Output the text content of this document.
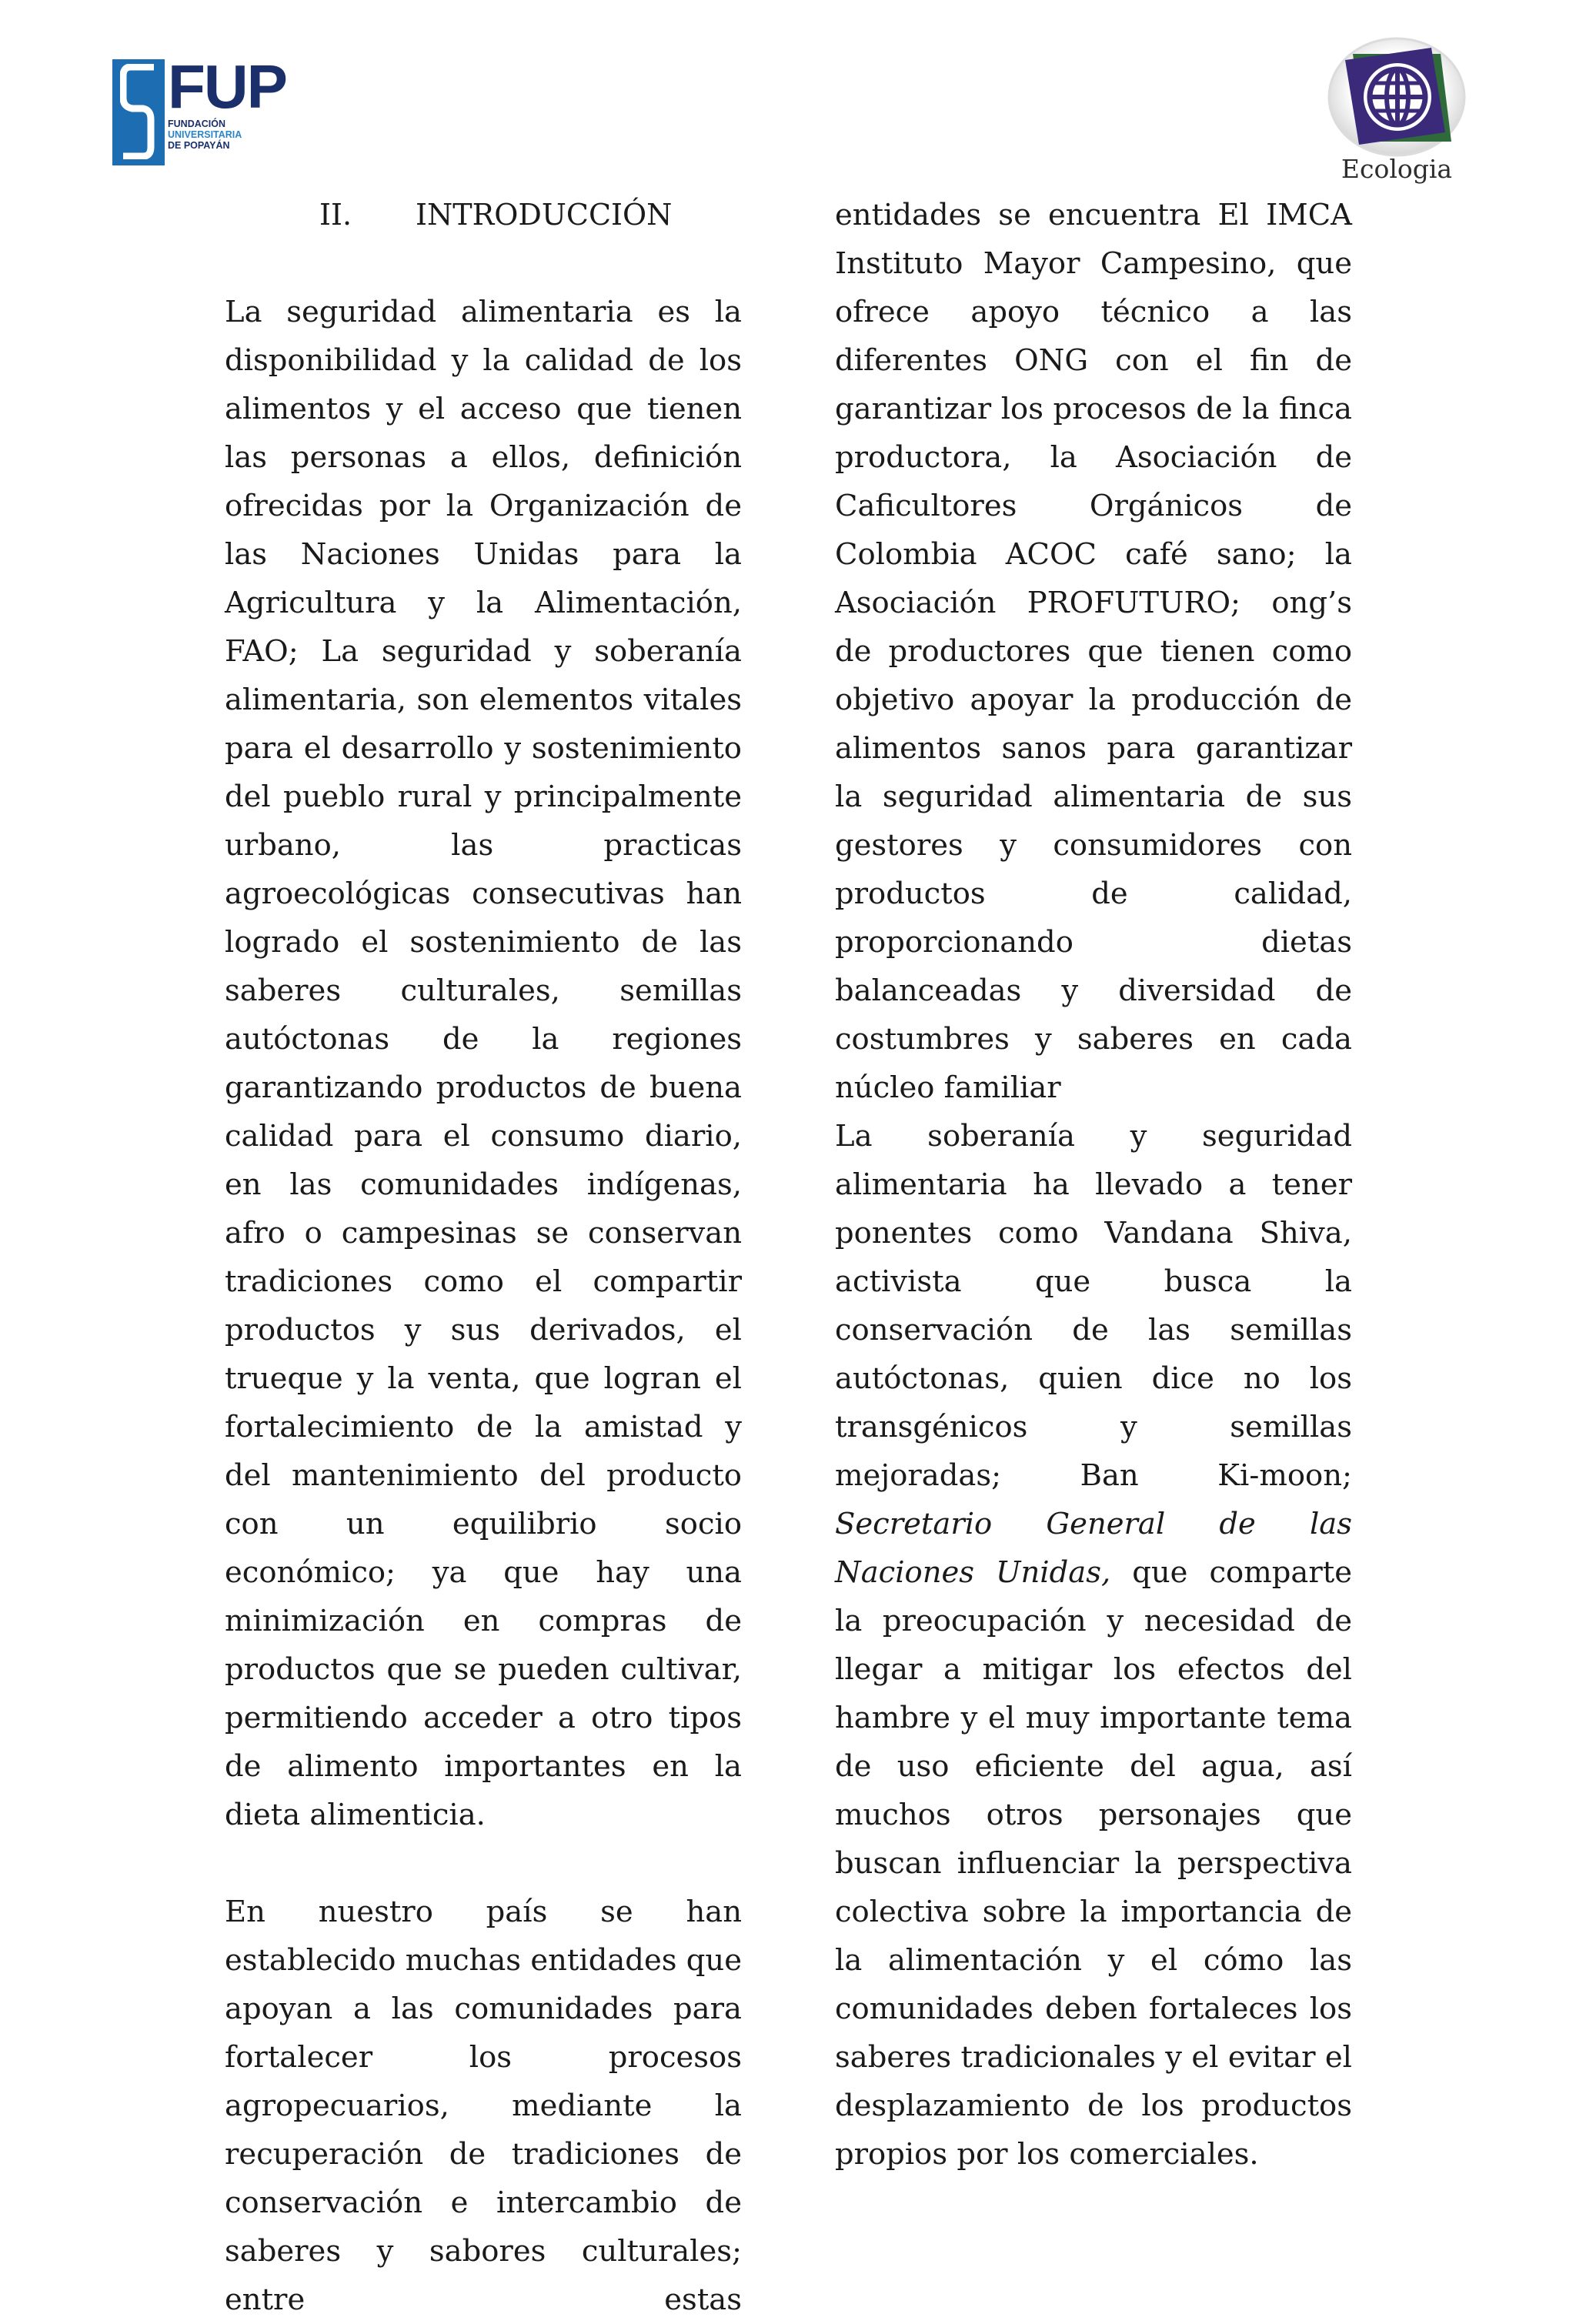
FUP
FUNDACIÓN
UNIVERSITARIA
DE POPAYÁN
Ecologia
II. INTRODUCCIÓN

La seguridad alimentaria es la disponibilidad y la calidad de los alimentos y el acceso que tienen las personas a ellos, definición ofrecidas por la Organización de las Naciones Unidas para la Agricultura y la Alimentación, FAO; La seguridad y soberanía alimentaria, son elementos vitales para el desarrollo y sostenimiento del pueblo rural y principalmente urbano, las practicas agroecológicas consecutivas han logrado el sostenimiento de las saberes culturales, semillas autóctonas de la regiones garantizando productos de buena calidad para el consumo diario, en las comunidades indígenas, afro o campesinas se conservan tradiciones como el compartir productos y sus derivados, el trueque y la venta, que logran el fortalecimiento de la amistad y del mantenimiento del producto con un equilibrio socio económico; ya que hay una minimización en compras de productos que se pueden cultivar, permitiendo acceder a otro tipos de alimento importantes en la dieta alimenticia.

En nuestro país se han establecido muchas entidades que apoyan a las comunidades para fortalecer los procesos agropecuarios, mediante la recuperación de tradiciones de conservación e intercambio de saberes y sabores culturales; entre estas

entidades se encuentra El IMCA Instituto Mayor Campesino, que ofrece apoyo técnico a las diferentes ONG con el fin de garantizar los procesos de la finca productora, la Asociación de Caficultores Orgánicos de Colombia ACOC café sano; la Asociación PROFUTURO; ong’s de productores que tienen como objetivo apoyar la producción de alimentos sanos para garantizar la seguridad alimentaria de sus gestores y consumidores con productos de calidad, proporcionando dietas balanceadas y diversidad de costumbres y saberes en cada núcleo familiar

La soberanía y seguridad alimentaria ha llevado a tener ponentes como Vandana Shiva, activista que busca la conservación de las semillas autóctonas, quien dice no los transgénicos y semillas mejoradas; Ban Ki-moon; Secretario General de las Naciones Unidas, que comparte la preocupación y necesidad de llegar a mitigar los efectos del hambre y el muy importante tema de uso eficiente del agua, así muchos otros personajes que buscan influenciar la perspectiva colectiva sobre la importancia de la alimentación y el cómo las comunidades deben fortaleces los saberes tradicionales y el evitar el desplazamiento de los productos propios por los comerciales.
